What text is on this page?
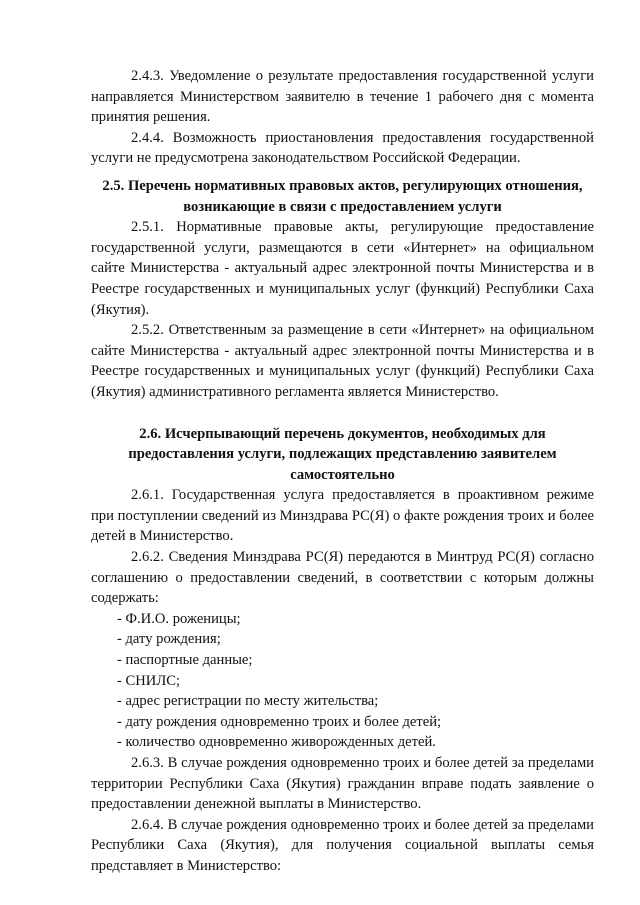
2.4.3. Уведомление о результате предоставления государственной услуги направляется Министерством заявителю в течение 1 рабочего дня с момента принятия решения.

2.4.4. Возможность приостановления предоставления государственной услуги не предусмотрена законодательством Российской Федерации.

2.5. Перечень нормативных правовых актов, регулирующих отношения, возникающие в связи с предоставлением услуги

2.5.1. Нормативные правовые акты, регулирующие предоставление государственной услуги, размещаются в сети «Интернет» на официальном сайте Министерства - актуальный адрес электронной почты Министерства и в Реестре государственных и муниципальных услуг (функций) Республики Саха (Якутия).

2.5.2. Ответственным за размещение в сети «Интернет» на официальном сайте Министерства - актуальный адрес электронной почты Министерства и в Реестре государственных и муниципальных услуг (функций) Республики Саха (Якутия) административного регламента является Министерство.

2.6. Исчерпывающий перечень документов, необходимых для предоставления услуги, подлежащих представлению заявителем самостоятельно

2.6.1. Государственная услуга предоставляется в проактивном режиме при поступлении сведений из Минздрава РС(Я) о факте рождения троих и более детей в Министерство.

2.6.2. Сведения Минздрава РС(Я) передаются в Минтруд РС(Я) согласно соглашению о предоставлении сведений, в соответствии с которым должны содержать:

- Ф.И.О. роженицы;
- дату рождения;
- паспортные данные;
- СНИЛС;
- адрес регистрации по месту жительства;
- дату рождения одновременно троих и более детей;
- количество одновременно живорожденных детей.

2.6.3. В случае рождения одновременно троих и более детей за пределами территории Республики Саха (Якутия) гражданин вправе подать заявление о предоставлении денежной выплаты в Министерство.

2.6.4. В случае рождения одновременно троих и более детей за пределами Республики Саха (Якутия), для получения социальной выплаты семья представляет в Министерство:
